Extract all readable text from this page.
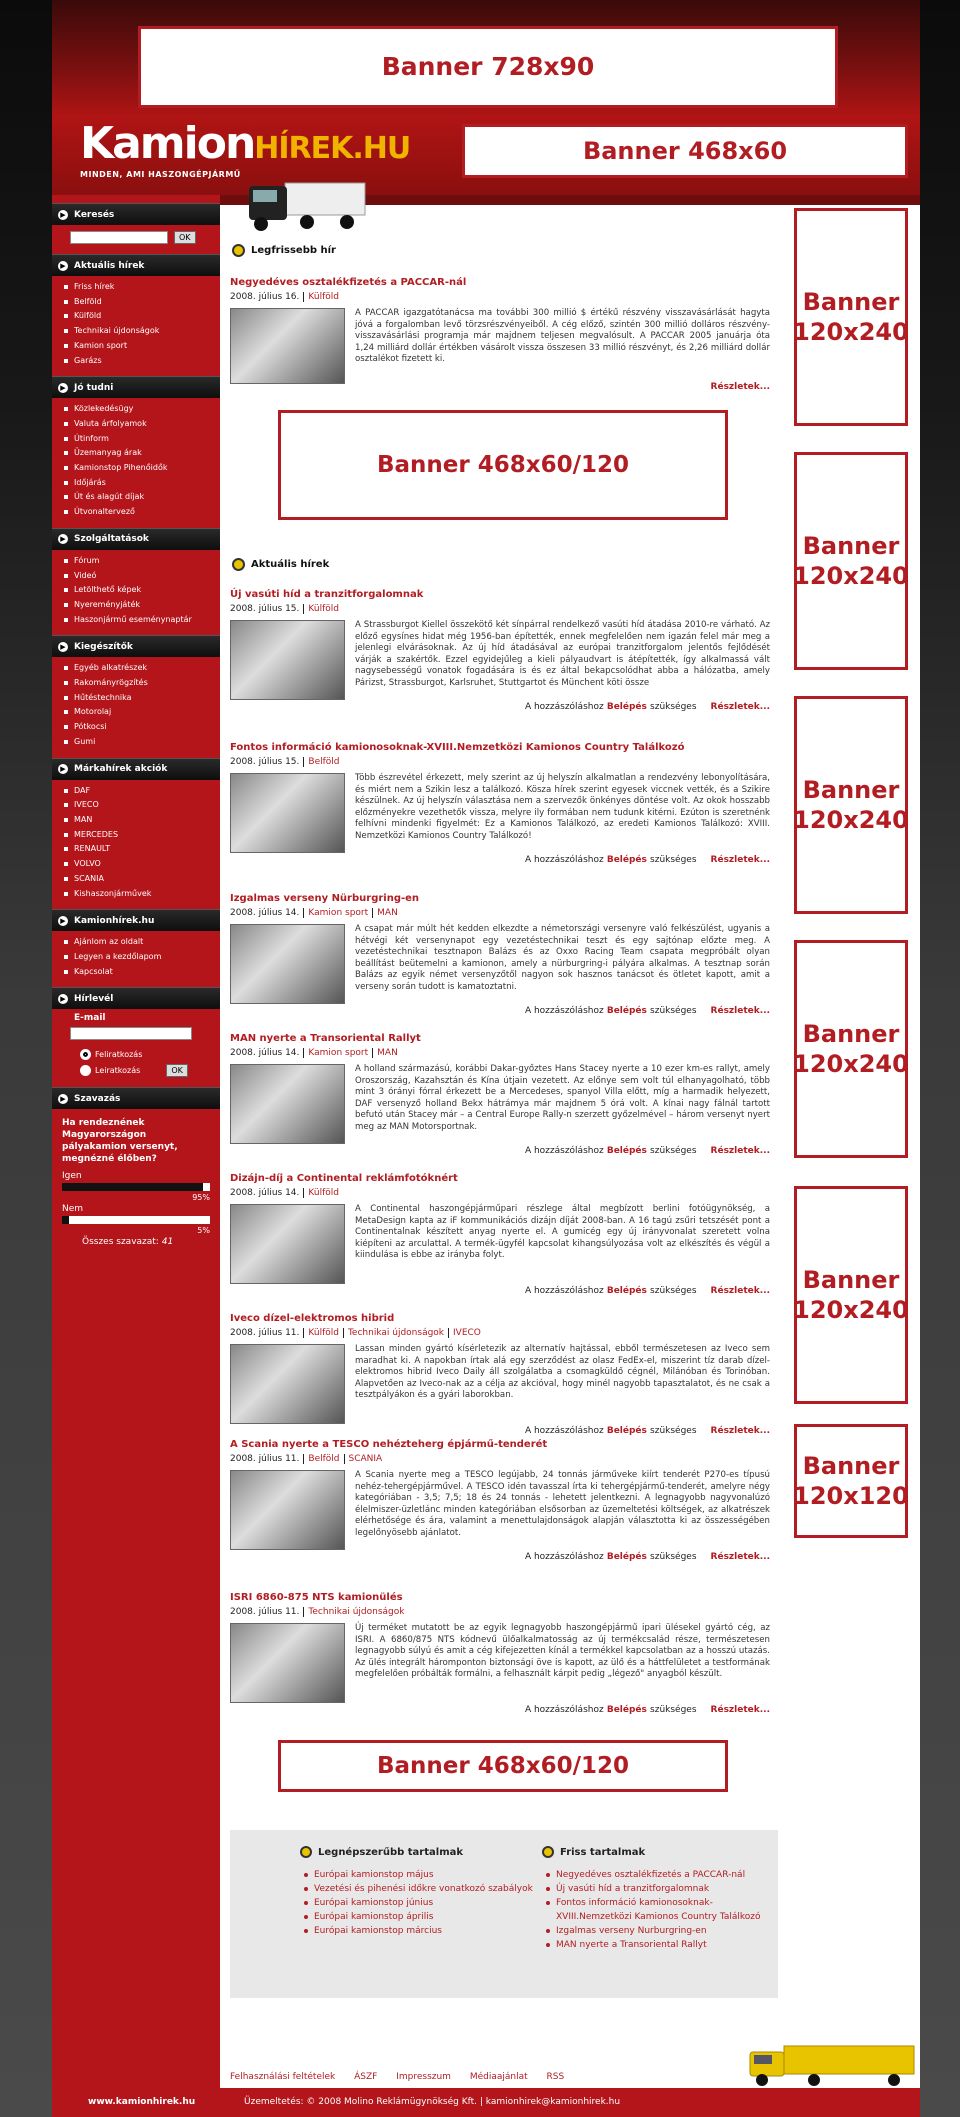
Banner 728x90
Banner 468x60
KamionHÍREK.HU
MINDEN, AMI HASZONGÉPJÁRMŰ
▶ Keresés
OK
▶ Aktuális hírek
Friss hírek
Belföld
Külföld
Technikai újdonságok
Kamion sport
Garázs
▶ Jó tudni
Közlekedésügy
Valuta árfolyamok
Útinform
Üzemanyag árak
Kamionstop Pihenőidők
Időjárás
Út és alagút díjak
Útvonaltervező
▶ Szolgáltatások
Fórum
Videó
Letölthető képek
Nyereményjáték
Haszonjármű eseménynaptár
▶ Kiegészítők
Egyéb alkatrészek
Rakományrögzítés
Hűtéstechnika
Motorolaj
Pótkocsi
Gumi
▶ Márkahírek akciók
DAF
IVECO
MAN
MERCEDES
RENAULT
VOLVO
SCANIA
Kishaszonjárművek
▶ Kamionhírek.hu
Ajánlom az oldalt
Legyen a kezdőlapom
Kapcsolat
▶ Hírlevél
E-mail
Feliratkozás
Leiratkozás	OK
▶ Szavazás
Ha rendeznének Magyarországon pályakamion versenyt, megnézné élőben?
Igen
95%
Nem
5%
Összes szavazat: 41
Legfrissebb hír
Negyedéves osztalékfizetés a PACCAR-nál
2008. július 16. Külföld

A PACCAR igazgatótanácsa ma további 300 millió $ értékű részvény visszavásárlását hagyta jóvá a forgalomban levő törzsrészvényeiből. A cég előző, szintén 300 millió dolláros részvény-visszavásárlási programja már majdnem teljesen megvalósult. A PACCAR 2005 januárja óta 1,24 milliárd dollár értékben vásárolt vissza összesen 33 millió részvényt, és 2,26 milliárd dollár osztalékot fizetett ki.

Részletek...
Banner 468x60/120
Aktuális hírek
Új vasúti híd a tranzitforgalomnak
2008. július 15. Külföld

A Strassburgot Kiellel összekötő két sínpárral rendelkező vasúti híd átadása 2010-re várható. Az előző egysínes hidat még 1956-ban építették, ennek megfelelően nem igazán felel már meg a jelenlegi elvárásoknak. Az új híd átadásával az európai tranzitforgalom jelentős fejlődését várják a szakértők. Ezzel egyidejűleg a kieli pályaudvart is átépítették, így alkalmassá vált nagysebességű vonatok fogadására is és ez által bekapcsolódhat abba a hálózatba, amely Párizst, Strassburgot, Karlsruhet, Stuttgartot és Münchent köti össze

A hozzászóláshoz Belépés szükséges Részletek...
Fontos információ kamionosoknak-XVIII.Nemzetközi Kamionos Country Találkozó
2008. július 15. Belföld

Több észrevétel érkezett, mely szerint az új helyszín alkalmatlan a rendezvény lebonyolítására, és miért nem a Szikin lesz a találkozó. Kösza hírek szerint egyesek viccnek vették, és a Szikire készülnek. Az új helyszín választása nem a szervezők önkényes döntése volt. Az okok hosszabb előzményekre vezethetők vissza, melyre ily formában nem tudunk kitérni. Ezúton is szeretnénk felhívni mindenki figyelmét: Ez a Kamionos Találkozó, az eredeti Kamionos Találkozó: XVIII. Nemzetközi Kamionos Country Találkozó!

A hozzászóláshoz Belépés szükséges Részletek...
Izgalmas verseny Nürburgring-en
2008. július 14. Kamion sport MAN

A csapat már múlt hét kedden elkezdte a németországi versenyre való felkészülést, ugyanis a hétvégi két versenynapot egy vezetéstechnikai teszt és egy sajtónap előzte meg. A vezetéstechnikai tesztnapon Balázs és az Oxxo Racing Team csapata megpróbált olyan beállítást beütemelni a kamionon, amely a nürburgring-i pályára alkalmas. A tesztnap során Balázs az egyik német versenyzőtől nagyon sok hasznos tanácsot és ötletet kapott, amit a verseny során tudott is kamatoztatni.

A hozzászóláshoz Belépés szükséges Részletek...
MAN nyerte a Transoriental Rallyt
2008. július 14. Kamion sport MAN

A holland származású, korábbi Dakar-győztes Hans Stacey nyerte a 10 ezer km-es rallyt, amely Oroszország, Kazahsztán és Kína útjain vezetett. Az előnye sem volt túl elhanyagolható, több mint 3 órányi fórral érkezett be a Mercedeses, spanyol Villa előtt, míg a harmadik helyezett, DAF versenyző holland Bekx hátrámya már majdnem 5 órá volt. A kínai nagy fálnál tartott befutó után Stacey már – a Central Europe Rally-n szerzett győzelmével – három versenyt nyert meg az MAN Motorsportnak.

A hozzászóláshoz Belépés szükséges Részletek...
Dizájn-díj a Continental reklámfotóknért
2008. július 14. Külföld

A Continental haszongépjárműpari részlege által megbízott berlini fotóügynökség, a MetaDesign kapta az iF kommunikációs dizájn díját 2008-ban. A 16 tagú zsűri tetszését pont a Continentalnak készített anyag nyerte el. A gumicég egy új irányvonalat szeretett volna kiépíteni az arculattal. A termék-ügyfél kapcsolat kihangsúlyozása volt az elkészítés és végül a kiindulása is ebbe az irányba folyt.

A hozzászóláshoz Belépés szükséges Részletek...
Iveco dízel-elektromos hibrid
2008. július 11. Külföld Technikai újdonságok IVECO

Lassan minden gyártó kísérletezik az alternatív hajtással, ebből természetesen az Iveco sem maradhat ki. A napokban írtak alá egy szerződést az olasz FedEx-el, miszerint tíz darab dízel-elektromos hibrid Iveco Daily áll szolgálatba a csomagküldő cégnél, Milánóban és Torinóban. Alapvetően az Iveco-nak az a célja az akcióval, hogy minél nagyobb tapasztalatot, és ne csak a tesztpályákon és a gyári laborokban.

A hozzászóláshoz Belépés szükséges Részletek...
A Scania nyerte a TESCO nehézteherg épjármű-tenderét
2008. július 11. Belföld SCANIA

A Scania nyerte meg a TESCO legújabb, 24 tonnás járműveke kiírt tenderét P270-es típusú nehéz-tehergépjárművel. A TESCO idén tavasszal írta ki tehergépjármű-tenderét, amelyre négy kategóriában - 3,5; 7,5; 18 és 24 tonnás - lehetett jelentkezni. A legnagyobb nagyvonalúzó élelmiszer-üzletlánc minden kategóriában elsősorban az üzemeltetési költségek, az alkatrészek elérhetősége és ára, valamint a menettulajdonságok alapján választotta ki az összességében legelőnyösebb ajánlatot.

A hozzászóláshoz Belépés szükséges Részletek...
ISRI 6860-875 NTS kamionülés
2008. július 11. Technikai újdonságok

Új terméket mutatott be az egyik legnagyobb haszongépjármű ipari ülésekel gyártó cég, az ISRI. A 6860/875 NTS kódnevű ülőalkalmatosság az új termékcsalád része, természetesen legnagyobb súlyú és amit a cég kifejezetten kínál a termékkel kapcsolatban az a hosszú utazás. Az ülés integrált háromponton biztonsági öve is kapott, az ülő és a háttfelületet a testformának megfelelően próbálták formálni, a felhasznált kárpit pedig „légező" anyagból készült.

A hozzászóláshoz Belépés szükséges Részletek...
Banner 468x60/120
Legnépszerűbb tartalmak
Európai kamionstop május
Vezetési és pihenési időkre vonatkozó szabályok
Európai kamionstop június
Európai kamionstop április
Európai kamionstop március
Friss tartalmak
Negyedéves osztalékfizetés a PACCAR-nál
Új vasúti híd a tranzitforgalomnak
Fontos információ kamionosoknak-XVIII.Nemzetközi Kamionos Country Találkozó
Izgalmas verseny Nurburgring-en
MAN nyerte a Transoriental Rallyt
Banner
120x240
Banner
120x240
Banner
120x240
Banner
120x240
Banner
120x240
Banner
120x120
Felhasználási feltételek ÁSZF Impresszum Médiaajánlat RSS
www.kamionhirek.hu	Üzemeltetés: © 2008 Molino Reklámügynökség Kft. | kamionhirek@kamionhirek.hu
